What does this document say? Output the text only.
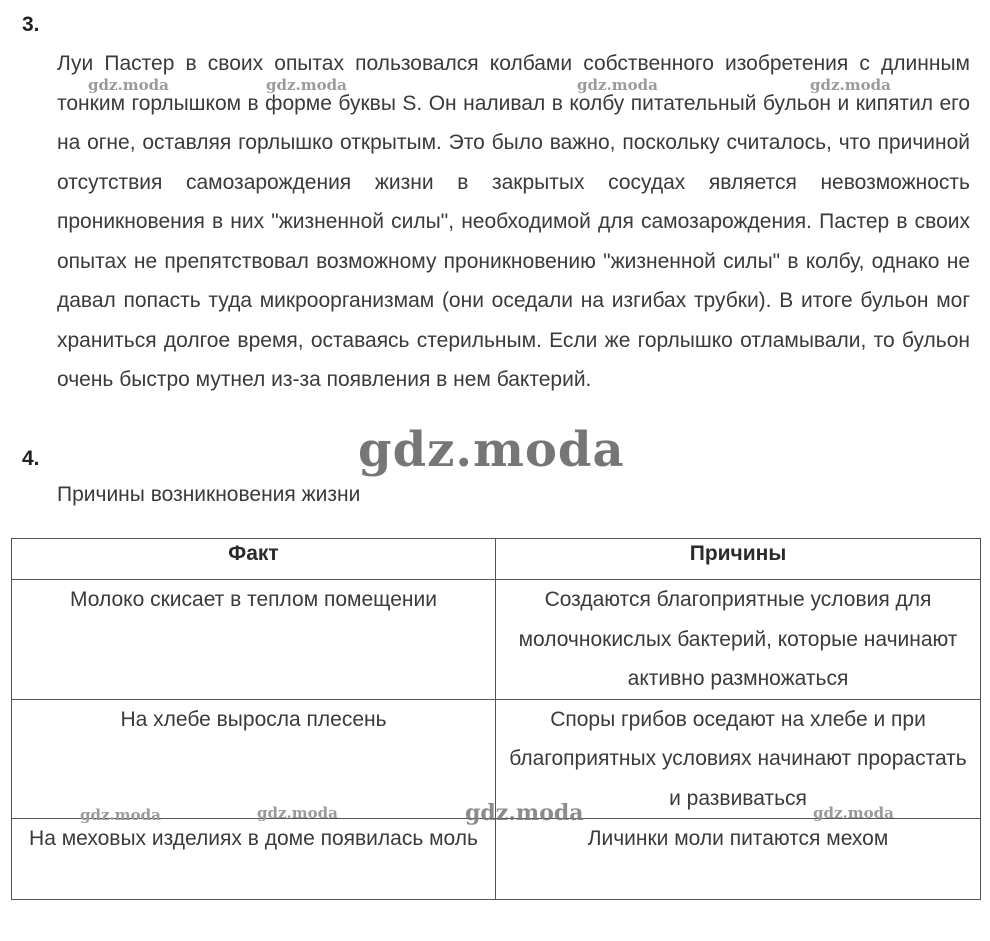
3.
Луи Пастер в своих опытах пользовался колбами собственного изобретения с длинным тонким горлышком в форме буквы S. Он наливал в колбу питательный бульон и кипятил его на огне, оставляя горлышко открытым. Это было важно, поскольку считалось, что причиной отсутствия самозарождения жизни в закрытых сосудах является невозможность проникновения в них "жизненной силы", необходимой для самозарождения. Пастер в своих опытах не препятствовал возможному проникновению "жизненной силы" в колбу, однако не давал попасть туда микроорганизмам (они оседали на изгибах трубки). В итоге бульон мог храниться долгое время, оставаясь стерильным. Если же горлышко отламывали, то бульон очень быстро мутнел из-за появления в нем бактерий.
4.
Причины возникновения жизни
Факт	Причины
Молоко скисает в теплом помещении	Создаются благоприятные условия для молочнокислых бактерий, которые начинают активно размножаться
На хлебе выросла плесень	Споры грибов оседают на хлебе и при благоприятных условиях начинают прорастать и развиваться
На меховых изделиях в доме появилась моль	Личинки моли питаются мехом
gdz.moda	gdz.moda	gdz.moda	gdz.moda
gdz.moda
gdz.moda	gdz.moda	gdz.moda	gdz.moda
